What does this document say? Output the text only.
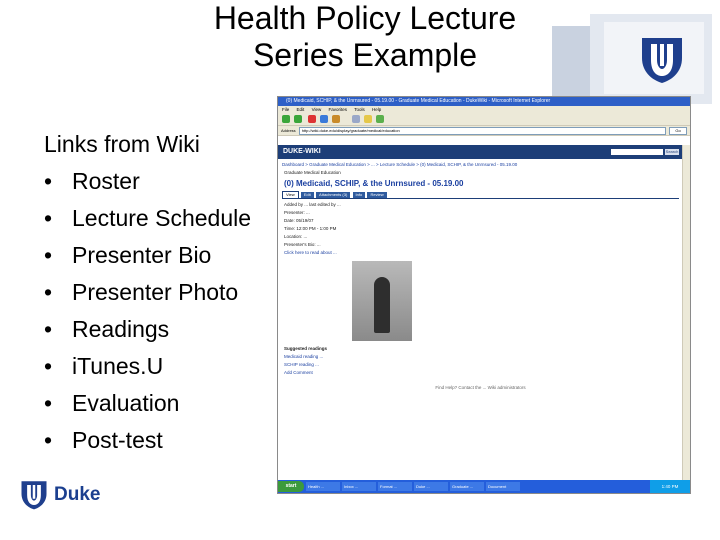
Health Policy Lecture
Series Example
Links from Wiki
• Roster
• Lecture Schedule
• Presenter Bio
• Presenter Photo
• Readings
• iTunes.U
• Evaluation
• Post-test
Duke
(0) Medicaid, SCHIP, & the Unrnsured - 05.19.00 - Graduate Medical Education - DukeWiki - Microsoft Internet Explorer
File Edit View Favorites Tools Help
Address	http://wiki.duke.edu/display/graduate/medical/education	Go
DUKE-WIKI	Search
Dashboard > Graduate Medical Education > ... > Lecture Schedule > (0) Medicaid, SCHIP, & the Unrnsured - 05.19.00
Graduate Medical Education
(0) Medicaid, SCHIP, & the Unrnsured - 05.19.00
View Edit Attachments (3) Info Review
Added by ... last edited by ...
Presenter: ...
Date: 05/19/07
Time: 12:00 PM - 1:00 PM
Location: ...
Presenter's Bio: ...
Click here to read about ...
Suggested readings
Medicaid reading ...
SCHIP reading ...
Add Comment
Find Help? Contact the ... Wiki administrators
start	Health ...	Inbox ...	Format ...	Duke ...	Graduate ...	Document	1:40 PM
